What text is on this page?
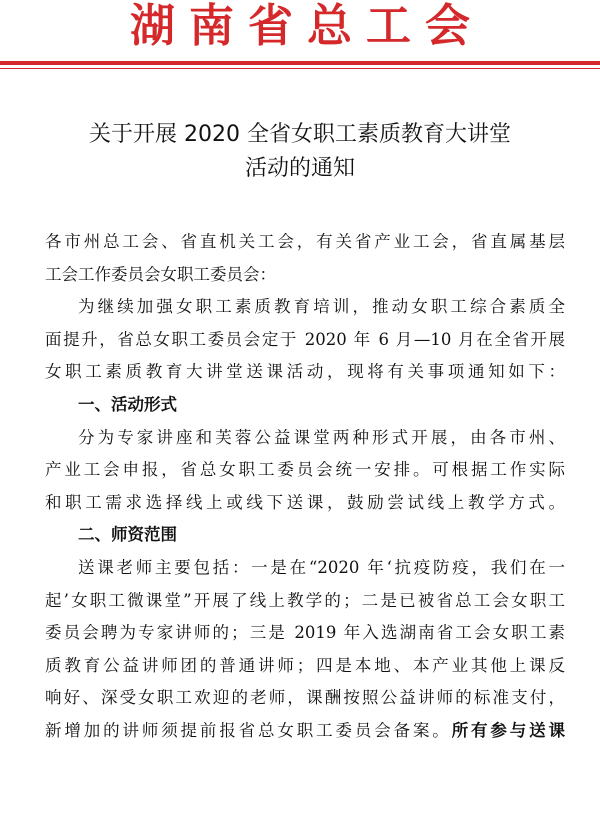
湖南省总工会
关于开展 2020 全省女职工素质教育大讲堂
活动的通知
各市州总工会、省直机关工会，有关省产业工会，省直属基层
工会工作委员会女职工委员会：
为继续加强女职工素质教育培训，推动女职工综合素质全
面提升，省总女职工委员会定于 2020 年 6 月—10 月在全省开展
女职工素质教育大讲堂送课活动，现将有关事项通知如下：
一、活动形式
分为专家讲座和芙蓉公益课堂两种形式开展，由各市州、
产业工会申报，省总女职工委员会统一安排。可根据工作实际
和职工需求选择线上或线下送课，鼓励尝试线上教学方式。
二、师资范围
送课老师主要包括：一是在“2020 年‘抗疫防疫，我们在一
起’女职工微课堂”开展了线上教学的；二是已被省总工会女职工
委员会聘为专家讲师的；三是 2019 年入选湖南省工会女职工素
质教育公益讲师团的普通讲师；四是本地、本产业其他上课反
响好、深受女职工欢迎的老师，课酬按照公益讲师的标准支付，
新增加的讲师须提前报省总女职工委员会备案。所有参与送课
